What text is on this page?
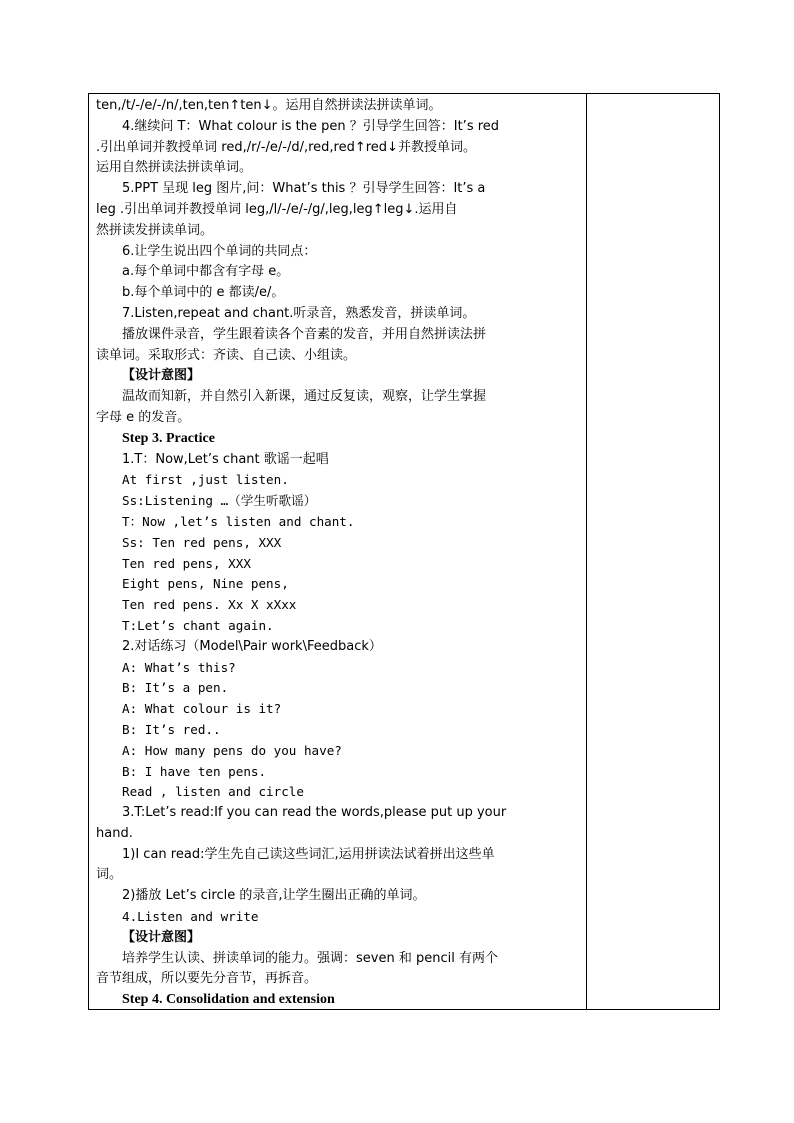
ten,/t/-/e/-/n/,ten,ten↑ten↓。运用自然拼读法拼读单词。
4.继续问 T：What colour is the pen ？引导学生回答：It’s red
.引出单词并教授单词 red,/r/-/e/-/d/,red,red↑red↓并教授单词。
运用自然拼读法拼读单词。
5.PPT 呈现 leg 图片,问：What’s this ？引导学生回答：It’s a
leg .引出单词并教授单词 leg,/l/-/e/-/g/,leg,leg↑leg↓.运用自
然拼读发拼读单词。
6.让学生说出四个单词的共同点：
a.每个单词中都含有字母 e。
b.每个单词中的 e 都读/e/。
7.Listen,repeat and chant.听录音，熟悉发音，拼读单词。
播放课件录音，学生跟着读各个音素的发音，并用自然拼读法拼
读单词。采取形式：齐读、自己读、小组读。
【设计意图】
温故而知新，并自然引入新课，通过反复读，观察，让学生掌握
字母 e 的发音。
Step 3. Practice
1.T：Now,Let’s chant 歌谣一起唱
At first ,just listen.
Ss:Listening …（学生听歌谣）
T：Now ,let’s listen and chant.
Ss: Ten red pens, XXX
Ten red pens, XXX
Eight pens, Nine pens,
Ten red pens. Xx X xXxx
T:Let’s chant again.
2.对话练习（Model\Pair work\Feedback）
A: What’s this?
B: It’s a pen.
A: What colour is it?
B: It’s red..
A: How many pens do you have?
B: I have ten pens.
Read , listen and circle
3.T:Let’s read:If you can read the words,please put up your
hand.
1)I can read:学生先自己读这些词汇,运用拼读法试着拼出这些单
词。
2)播放 Let’s circle 的录音,让学生圈出正确的单词。
4.Listen and write
【设计意图】
培养学生认读、拼读单词的能力。强调：seven 和 pencil 有两个
音节组成，所以要先分音节，再拆音。
Step 4. Consolidation and extension
